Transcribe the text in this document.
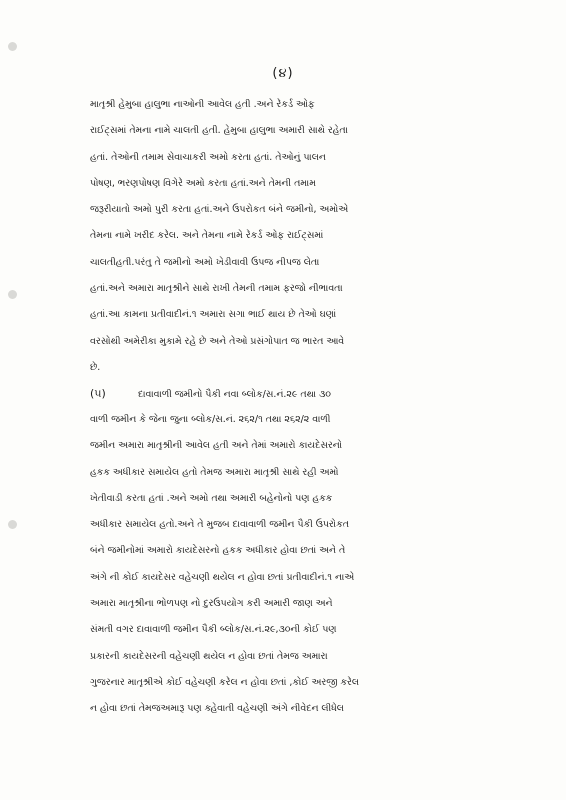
(૪)
માતૃશ્રી હેમુબા હાલુભા નાઓની આવેલ હતી .અને રેકર્ડ ઓફ
રાઈટ્સમાં તેમના નામે ચાલતી હતી. હેમુબા હાલુભા અમારી સાથે રહેતા
હતાં. તેઓની તમામ સેવાચાકરી અમો કરતા હતાં. તેઓનું પાલન
પોષણ, ભરણપોષણ વિગેરે અમો કરતા હતાં.અને તેમની તમામ
જરૂરીયાતો અમો પુરી કરતા હતાં.અને ઉપરોકત બંને જમીનો, અમોએ
તેમના નામે ખરીદ કરેલ. અને તેમના નામે રેકર્ડ ઓફ રાઈટ્સમાં
ચાલતીહતી.પરંતુ તે જમીનો અમો ખેડીવાવી ઉપજ નીપજ લેતા
હતાં.અને અમારા માતૃશ્રીને સાથે રાખી તેમની તમામ ફરજો નીભાવતા
હતાં.આ કામના પ્રતીવાદીનં.૧ અમારા સગા ભાઈ થાય છે તેઓ ઘણાં
વરસોથી અમેરીકા મુકામે રહે છે અને તેઓ પ્રસંગોપાત જ ભારત આવે
છે.
(૫)	દાવાવાળી જમીનો પૈકી નવા બ્લોક/સ.નં.૨૯ તથા ૩૦
વાળી જમીન કે જેના જુના બ્લોક/સ.નં. ૨૬૨/૧ તથા ૨૬૨/૨ વાળી
જમીન અમારા માતૃશ્રીની આવેલ હતી અને તેમાં અમારો કાયદેસરનો
હકક અધીકાર સમાયેલ હતો તેમજ અમારા માતૃશ્રી સાથે રહી અમો
ખેતીવાડી કરતા હતાં .અને અમો તથા અમારી બહેનોનો પણ હકક
અધીકાર સમાયેલ હતો.અને તે મુજબ દાવાવાળી જમીન પૈકી ઉપરોકત
બંને જમીનોમાં અમારો કાયદેસરનો હકક અધીકાર હોવા છતાં અને તે
અંગે ની કોઈ કાયદેસર વહેચણી થયેલ ન હોવા છતાં પ્રતીવાદીનં.૧ નાએ
અમારા માતૃશ્રીના ભોળપણ નો દુરઉપયોગ કરી અમારી જાણ અને
સંમતી વગર દાવાવાળી જમીન પૈકી બ્લોક/સ.નં.૨૯,૩૦ની કોઈ પણ
પ્રકારની કાયદેસરની વહેચણી થયેલ ન હોવા છતાં તેમજ અમારા
ગુજરનાર માતૃશ્રીએ કોઈ વહેચણી કરેલ ન હોવા છતાં ,કોઈ અરજી કરેલ
ન હોવા છતાં તેમજઅમારૂ પણ ક્હેવાતી વહેચણી અંગે નીવેદન લીધેલ
